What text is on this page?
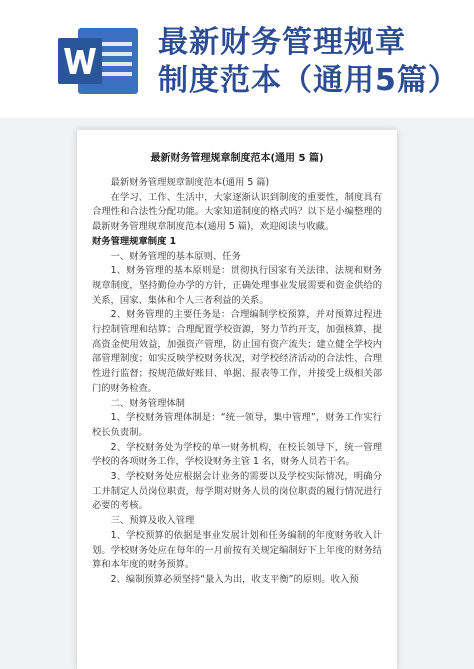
最新财务管理规章
制度范本（通用5篇）
最新财务管理规章制度范本(通用 5 篇)

最新财务管理规章制度范本(通用 5 篇)

在学习、工作、生活中，大家逐渐认识到制度的重要性，制度具有合理性和合法性分配功能。大家知道制度的格式吗？以下是小编整理的最新财务管理规章制度范本(通用 5 篇)，欢迎阅读与收藏。

财务管理规章制度 1

一、财务管理的基本原则、任务

1、财务管理的基本原则是：贯彻执行国家有关法律、法规和财务规章制度，坚持勤俭办学的方针，正确处理事业发展需要和资金供给的关系，国家、集体和个人三者利益的关系。

2、财务管理的主要任务是：合理编制学校预算，并对预算过程进行控制管理和结算；合理配置学校资源，努力节约开支，加强核算，提高资金使用效益，加强资产管理，防止国有资产流失；建立健全学校内部管理制度；如实反映学校财务状况，对学校经济活动的合法性、合理性进行监督；按规范做好账目、单据、报表等工作，并接受上级相关部门的财务检查。

二、财务管理体制

1、学校财务管理体制是：“统一领导，集中管理”，财务工作实行校长负责制。

2、学校财务处为学校的单一财务机构，在校长领导下，统一管理学校的各项财务工作，学校设财务主管 1 名，财务人员若干名。

3、学校财务处应根据会计业务的需要以及学校实际情况，明确分工并制定人员岗位职责，每学期对财务人员的岗位职责的履行情况进行必要的考核。

三、预算及收入管理

1、学校预算的依据是事业发展计划和任务编制的年度财务收入计划。学校财务处应在每年的一月前按有关规定编制好下上年度的财务结算和本年度的财务预算。

2、编制预算必须坚持“量入为出，收支平衡”的原则。收入预
